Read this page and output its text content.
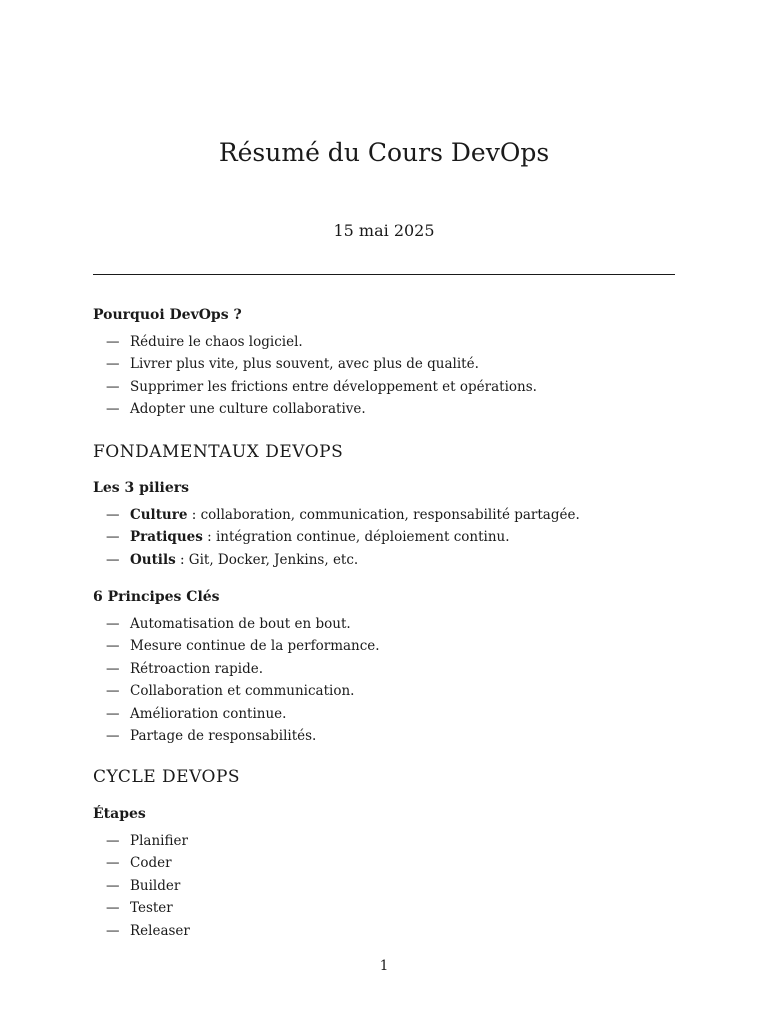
Résumé du Cours DevOps
15 mai 2025
Pourquoi DevOps ?
— Réduire le chaos logiciel.
— Livrer plus vite, plus souvent, avec plus de qualité.
— Supprimer les frictions entre développement et opérations.
— Adopter une culture collaborative.
FONDAMENTAUX DEVOPS
Les 3 piliers
— Culture : collaboration, communication, responsabilité partagée.
— Pratiques : intégration continue, déploiement continu.
— Outils : Git, Docker, Jenkins, etc.
6 Principes Clés
— Automatisation de bout en bout.
— Mesure continue de la performance.
— Rétroaction rapide.
— Collaboration et communication.
— Amélioration continue.
— Partage de responsabilités.
CYCLE DEVOPS
Étapes
— Planifier
— Coder
— Builder
— Tester
— Releaser
1
